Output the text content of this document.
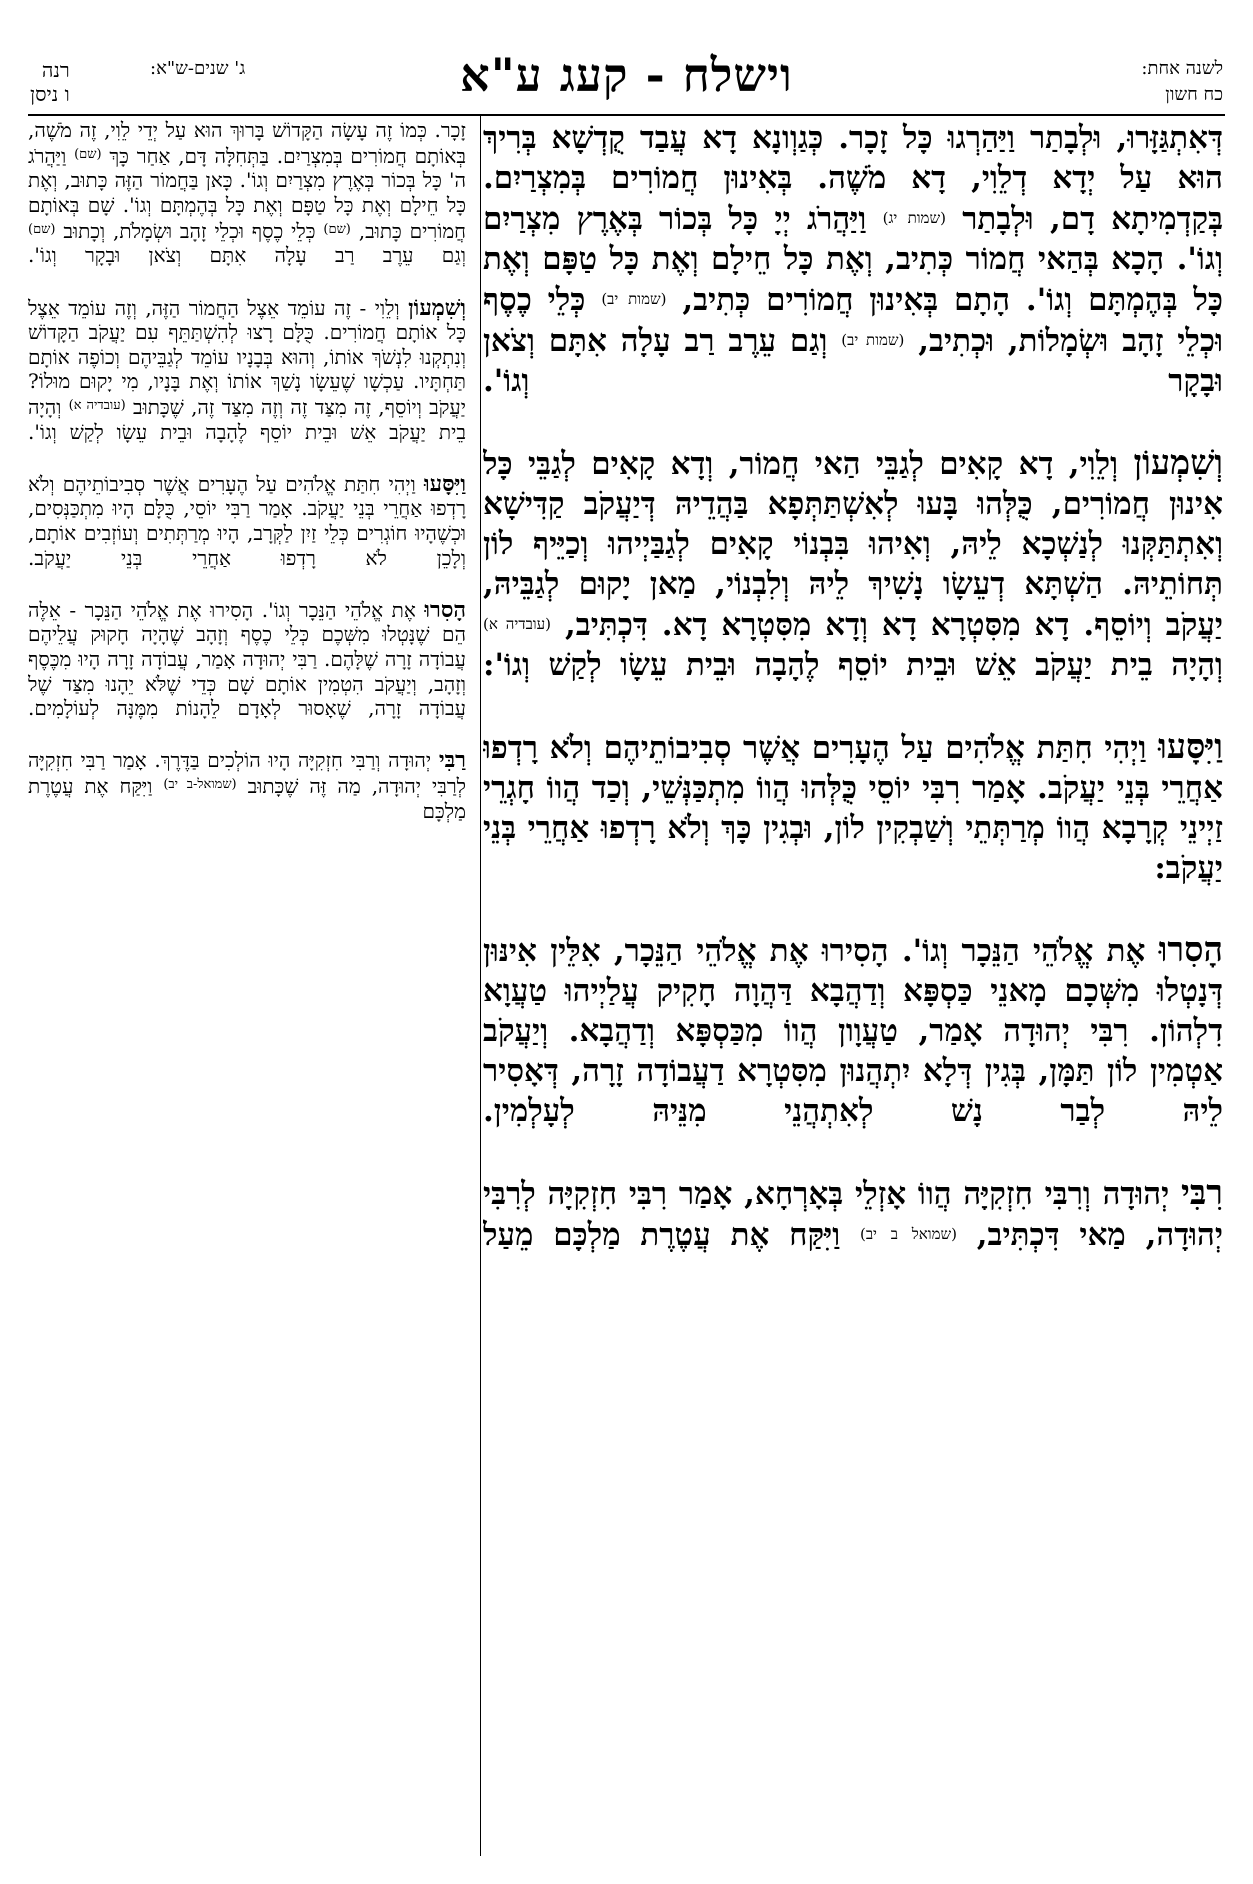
לשנה אחת:
כח חשון
וישלח - קעג ע"א
ג' שנים-ש"א:
רנה
ו ניסן

דְּאִתְגַּזָּרוּ, וּלְבָתַר וַיַּהַרְגוּ כָּל זָכָר. כְּגַוְונָא דָא עֲבַד קֻדְשָׁא בְּרִיךְ הוּא עַל יְדָא דְלֵוִי, דָא מֹשֶׁה. בְּאִינוּן חֲמוֹרִים בְּמִצְרַיִם. בְּקַדְמִיתָא דָם, וּלְבָתַר (שמות יג) וַיַּהֲרֹג יְיָ כָּל בְּכוֹר בְּאֶרֶץ מִצְרַיִם וְגוֹ'. הָכָא בְּהַאי חֲמוֹר כְּתִיב, וְאֶת כָּל חֵילָם וְאֶת כָּל טַפָּם וְאֶת כָּל בְּהֶמְתָּם וְגוֹ'. הָתָם בְּאִינוּן חֲמוֹרִים כְּתִיב, (שמות יב) כְּלֵי כֶסֶף וּכְלֵי זָהָב וּשְׂמָלוֹת, וּכְתִיב, (שמות יב) וְגַם עֵרֶב רַב עָלָה אִתָּם וְצֹאן וּבָקָר וְגוֹ'.

וְשִׁמְעוֹן וְלֵוִי, דָא קָאִים לְגַבֵּי הַאי חֲמוֹר, וְדָא קָאִים לְגַבֵּי כָּל אִינוּן חֲמוֹרִים, כֻּלְּהוּ בָּעוּ לְאִשְׁתַּתְּפָא בַּהֲדֵיהּ דְּיַעֲקֹב קַדִּישָׁא וְאִתְתַּקְּנוּ לְנַשְׁכָא לֵיהּ, וְאִיהוּ בִּבְנוֹי קָאִים לְגַבַּיְיהוּ וְכַיֵּיף לוֹן תְּחוֹתֵיהּ. הַשְׁתָּא דְעֵשָׂו נָשִׁיךְ לֵיהּ וְלִבְנוֹי, מַאן יָקוּם לְגַבֵּיהּ, יַעֲקֹב וְיוֹסֵף. דָא מִסִּטְרָא דָא וְדָא מִסִּטְרָא דָא. דִּכְתִּיב, (עובדיה א) וְהָיָה בֵית יַעֲקֹב אֵשׁ וּבֵית יוֹסֵף לֶהָבָה וּבֵית עֵשָׂו לְקַשׁ וְגוֹ':

וַיִּסָּעוּ וַיְהִי חִתַּת אֱלֹהִים עַל הֶעָרִים אֲשֶׁר סְבִיבוֹתֵיהֶם וְלֹא רָדְפוּ אַחֲרֵי בְּנֵי יַעֲקֹב. אָמַר רִבִּי יוֹסֵי כֻּלְּהוּ הֲווֹ מִתְכַּנְּשֵׁי, וְכַד הֲווֹ חָגְרֵי זַיְינֵי קְרָבָא הֲווֹ מְרַתְּתֵי וְשַׁבְקִין לוֹן, וּבְגִין כָּךְ וְלֹא רָדְפוּ אַחֲרֵי בְּנֵי יַעֲקֹב:

הָסִרוּ אֶת אֱלֹהֵי הַנֵּכָר וְגוֹ'. הָסִירוּ אֶת אֱלֹהֵי הַנֵּכָר, אִלֵּין אִינּוּן דְּנָטְלוּ מִשְּׁכָם מָאנֵי כַּסְפָּא וְדַהֲבָא דַּהֲוָה חָקִיק עֲלַיְיהוּ טַעֲוָא דִלְהוֹן. רִבִּי יְהוּדָה אָמַר, טַעֲוָון הֲווֹ מִכַּסְפָּא וְדַהֲבָא. וְיַעֲקֹב אַטְמִין לוֹן תַּמָּן, בְּגִין דְּלָא יִתְהֲנוּן מִסִּטְרָא דַעֲבוֹדָה זָרָה, דְּאָסִיר לֵיהּ לְבַר נָשׁ לְאִתְהֲנֵי מִנֵּיהּ לְעָלְמִין.

רִבִּי יְהוּדָה וְרִבִּי חִזְקִיָּה הֲווֹ אָזְלֵי בְּאָרְחָא, אָמַר רִבִּי חִזְקִיָּה לְרִבִּי יְהוּדָה, מַאי דִּכְתִּיב, (שמואל ב יב) וַיִּקַּח אֶת עֲטֶרֶת מַלְכָּם מֵעַל

זָכָר. כְּמוֹ זֶה עָשָׂה הַקָּדוֹשׁ בָּרוּךְ הוּא עַל יְדֵי לֵוִי, זֶה מֹשֶׁה, בְּאוֹתָם חֲמוֹרִים בְּמִצְרַיִם. בַּתְּחִלָּה דָּם, אַחַר כָּךְ $^{(שם)}$ וַיַּהֲרֹג ה' כָּל בְּכוֹר בְּאֶרֶץ מִצְרַיִם וְגוֹ'. כָּאן בַּחֲמוֹר הַזֶּה כָּתוּב, וְאֶת כָּל חֵילָם וְאֶת כָּל טַפָּם וְאֶת כָּל בְּהֶמְתָּם וְגוֹ'. שָׁם בְּאוֹתָם חֲמוֹרִים כָּתוּב, $^{(שם)}$ כְּלֵי כֶסֶף וּכְלֵי זָהָב וּשְׂמָלֹת, וְכָתוּב $^{(שם)}$ וְגַם עֵרֶב רַב עָלָה אִתָּם וְצֹאן וּבָקָר וְגוֹ'.

וְשִׁמְעוֹן וְלֵוִי - זֶה עוֹמֵד אֵצֶל הַחֲמוֹר הַזֶּה, וְזֶה עוֹמֵד אֵצֶל כָּל אוֹתָם חֲמוֹרִים. כֻּלָּם רָצוּ לְהִשְׁתַּתֵּף עִם יַעֲקֹב הַקָּדוֹשׁ וְנִתְקְנוּ לִנְשֹׁךְ אוֹתוֹ, וְהוּא בְּבָנָיו עוֹמֵד לְגַבֵּיהֶם וְכוֹפֶה אוֹתָם תַּחְתָּיו. עַכְשָׁו שֶׁעֵשָׂו נָשַׁךְ אוֹתוֹ וְאֶת בָּנָיו, מִי יָקוּם מוּלוֹ? יַעֲקֹב וְיוֹסֵף, זֶה מִצַּד זֶה וְזֶה מִצַּד זֶה, שֶׁכָּתוּב $^{(עובדיה א)}$ וְהָיָה בֵית יַעֲקֹב אֵשׁ וּבֵית יוֹסֵף לֶהָבָה וּבֵית עֵשָׂו לְקַשׁ וְגוֹ'.

וַיִּסָּעוּ וַיְהִי חִתַּת אֱלֹהִים עַל הֶעָרִים אֲשֶׁר סְבִיבוֹתֵיהֶם וְלֹא רָדְפוּ אַחֲרֵי בְּנֵי יַעֲקֹב. אָמַר רַבִּי יוֹסֵי, כֻּלָּם הָיוּ מִתְכַּנְּסִים, וּכְשֶׁהָיוּ חוֹגְרִים כְּלֵי זַיִן לַקְּרָב, הָיוּ מְרַתְּתִים וְעוֹזְבִים אוֹתָם, וְלָכֵן לֹא רָדְפוּ אַחֲרֵי בְּנֵי יַעֲקֹב.

הָסִרוּ אֶת אֱלֹהֵי הַנֵּכָר וְגוֹ'. הָסִירוּ אֶת אֱלֹהֵי הַנֵּכָר - אֵלֶּה הֵם שֶׁנָּטְלוּ מִשְּׁכֶם כְּלֵי כֶסֶף וְזָהָב שֶׁהָיָה חָקוּק עֲלֵיהֶם עֲבוֹדָה זָרָה שֶׁלָּהֶם. רַבִּי יְהוּדָה אָמַר, עֲבוֹדָה זָרָה הָיוּ מִכֶּסֶף וְזָהָב, וְיַעֲקֹב הִטְמִין אוֹתָם שָׁם כְּדֵי שֶׁלֹּא יֵהָנוּ מִצַּד שֶׁל עֲבוֹדָה זָרָה, שֶׁאָסוּר לְאָדָם לֵהָנוֹת מִמֶּנָּה לְעוֹלָמִים.

רַבִּי יְהוּדָה וְרַבִּי חִזְקִיָּה הָיוּ הוֹלְכִים בַּדֶּרֶךְ. אָמַר רַבִּי חִזְקִיָּה לְרַבִּי יְהוּדָה, מַה זֶּה שֶׁכָּתוּב $^{(שמואל-ב יב)}$ וַיִּקַּח אֶת עֲטֶרֶת מַלְכָּם
